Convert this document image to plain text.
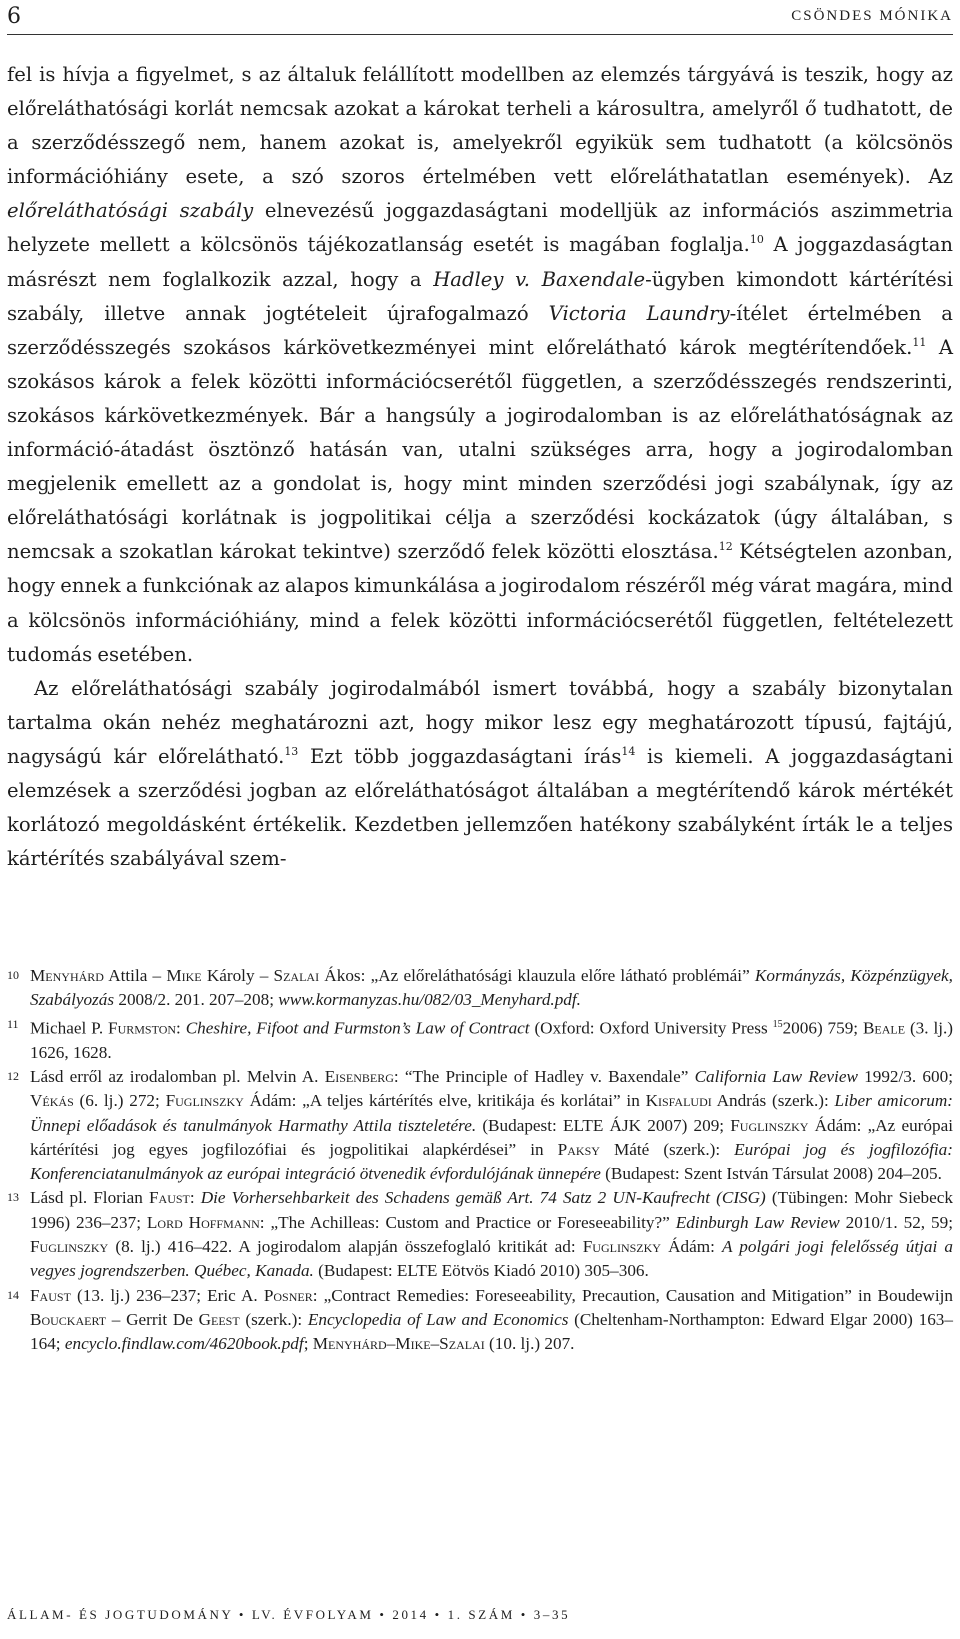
6	CSÖNDES MÓNIKA

fel is hívja a figyelmet, s az általuk felállított modellben az elemzés tárgyává is teszik, hogy az előreláthatósági korlát nemcsak azokat a károkat terheli a károsultra, amelyről ő tudhatott, de a szerződésszegő nem, hanem azokat is, amelyekről egyikük sem tudhatott (a kölcsönös információhiány esete, a szó szoros értelmében vett előreláthatatlan események). Az előreláthatósági szabály elnevezésű joggazdaságtani modelljük az információs aszimmetria helyzete mellett a kölcsönös tájékozatlanság esetét is magában foglalja.$^{10}$ A joggazdaságtan másrészt nem foglalkozik azzal, hogy a Hadley v. Baxendale-ügyben kimondott kártérítési szabály, illetve annak jogtételeit újrafogalmazó Victoria Laundry-ítélet értelmében a szerződésszegés szokásos kárkövetkezményei mint előrelátható károk megtérítendőek.$^{11}$ A szokásos károk a felek közötti információcserétől független, a szerződésszegés rendszerinti, szokásos kárkövetkezmények. Bár a hangsúly a jogirodalomban is az előreláthatóságnak az információ-átadást ösztönző hatásán van, utalni szükséges arra, hogy a jogirodalomban megjelenik emellett az a gondolat is, hogy mint minden szerződési jogi szabálynak, így az előreláthatósági korlátnak is jogpolitikai célja a szerződési kockázatok (úgy általában, s nemcsak a szokatlan károkat tekintve) szerződő felek közötti elosztása.$^{12}$ Kétségtelen azonban, hogy ennek a funkciónak az alapos kimunkálása a jogirodalom részéről még várat magára, mind a kölcsönös információhiány, mind a felek közötti információcserétől független, feltételezett tudomás esetében.

Az előreláthatósági szabály jogirodalmából ismert továbbá, hogy a szabály bizonytalan tartalma okán nehéz meghatározni azt, hogy mikor lesz egy meghatározott típusú, fajtájú, nagyságú kár előrelátható.$^{13}$ Ezt több joggazdaságtani írás$^{14}$ is kiemeli. A joggazdaságtani elemzések a szerződési jogban az előreláthatóságot általában a megtérítendő károk mértékét korlátozó megoldásként értékelik. Kezdetben jellemzően hatékony szabályként írták le a teljes kártérítés szabályával szem-

10 Menyhárd Attila – Mike Károly – Szalai Ákos: „Az előreláthatósági klauzula előre látható problémái” Kormányzás, Közpénzügyek, Szabályozás 2008/2. 201. 207–208; www.kormanyzas.hu/082/03_Menyhard.pdf.
11 Michael P. Furmston: Cheshire, Fifoot and Furmston’s Law of Contract (Oxford: Oxford University Press $^{15}$2006) 759; Beale (3. lj.) 1626, 1628.
12 Lásd erről az irodalomban pl. Melvin A. Eisenberg: “The Principle of Hadley v. Baxendale” California Law Review 1992/3. 600; Vékás (6. lj.) 272; Fuglinszky Ádám: „A teljes kártérítés elve, kritikája és korlátai” in Kisfaludi András (szerk.): Liber amicorum: Ünnepi előadások és tanulmányok Harmathy Attila tiszteletére. (Budapest: ELTE ÁJK 2007) 209; Fuglinszky Ádám: „Az európai kártérítési jog egyes jogfilozófiai és jogpolitikai alapkérdései” in Paksy Máté (szerk.): Európai jog és jogfilozófia: Konferenciatanulmányok az európai integráció ötvenedik évfordulójának ünnepére (Budapest: Szent István Társulat 2008) 204–205.
13 Lásd pl. Florian Faust: Die Vorhersehbarkeit des Schadens gemäß Art. 74 Satz 2 UN-Kaufrecht (CISG) (Tübingen: Mohr Siebeck 1996) 236–237; Lord Hoffmann: „The Achilleas: Custom and Practice or Foreseeability?” Edinburgh Law Review 2010/1. 52, 59; Fuglinszky (8. lj.) 416–422. A jogirodalom alapján összefoglaló kritikát ad: Fuglinszky Ádám: A polgári jogi felelősség útjai a vegyes jogrendszerben. Québec, Kanada. (Budapest: ELTE Eötvös Kiadó 2010) 305–306.
14 Faust (13. lj.) 236–237; Eric A. Posner: „Contract Remedies: Foreseeability, Precaution, Causation and Mitigation” in Boudewijn Bouckaert – Gerrit De Geest (szerk.): Encyclopedia of Law and Economics (Cheltenham-Northampton: Edward Elgar 2000) 163–164; encyclo.findlaw.com/4620book.pdf; Menyhárd–Mike–Szalai (10. lj.) 207.
ÁLLAM- ÉS JOGTUDOMÁNY • LV. ÉVFOLYAM • 2014 • 1. SZÁM • 3–35
